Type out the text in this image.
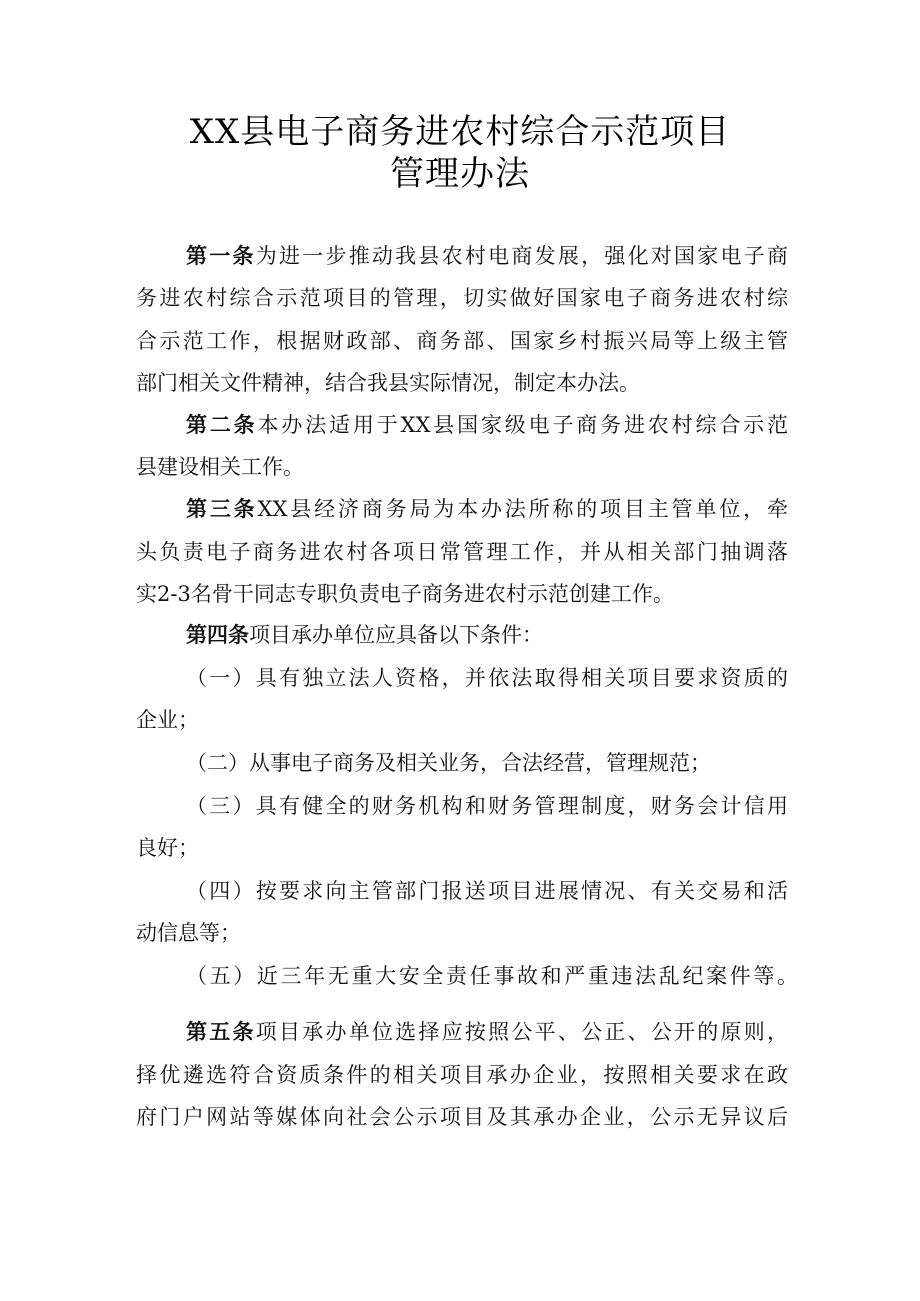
XX县电子商务进农村综合示范项目
管理办法
第一条为进一步推动我县农村电商发展，强化对国家电子商
务进农村综合示范项目的管理，切实做好国家电子商务进农村综
合示范工作，根据财政部、商务部、国家乡村振兴局等上级主管
部门相关文件精神，结合我县实际情况，制定本办法。
第二条本办法适用于XX县国家级电子商务进农村综合示范
县建设相关工作。
第三条XX县经济商务局为本办法所称的项目主管单位，牵
头负责电子商务进农村各项日常管理工作，并从相关部门抽调落
实2-3名骨干同志专职负责电子商务进农村示范创建工作。
第四条项目承办单位应具备以下条件：
（一）具有独立法人资格，并依法取得相关项目要求资质的
企业；
（二）从事电子商务及相关业务，合法经营，管理规范；
（三）具有健全的财务机构和财务管理制度，财务会计信用
良好；
（四）按要求向主管部门报送项目进展情况、有关交易和活
动信息等；
（五）近三年无重大安全责任事故和严重违法乱纪案件等。
第五条项目承办单位选择应按照公平、公正、公开的原则，
择优遴选符合资质条件的相关项目承办企业，按照相关要求在政
府门户网站等媒体向社会公示项目及其承办企业，公示无异议后
